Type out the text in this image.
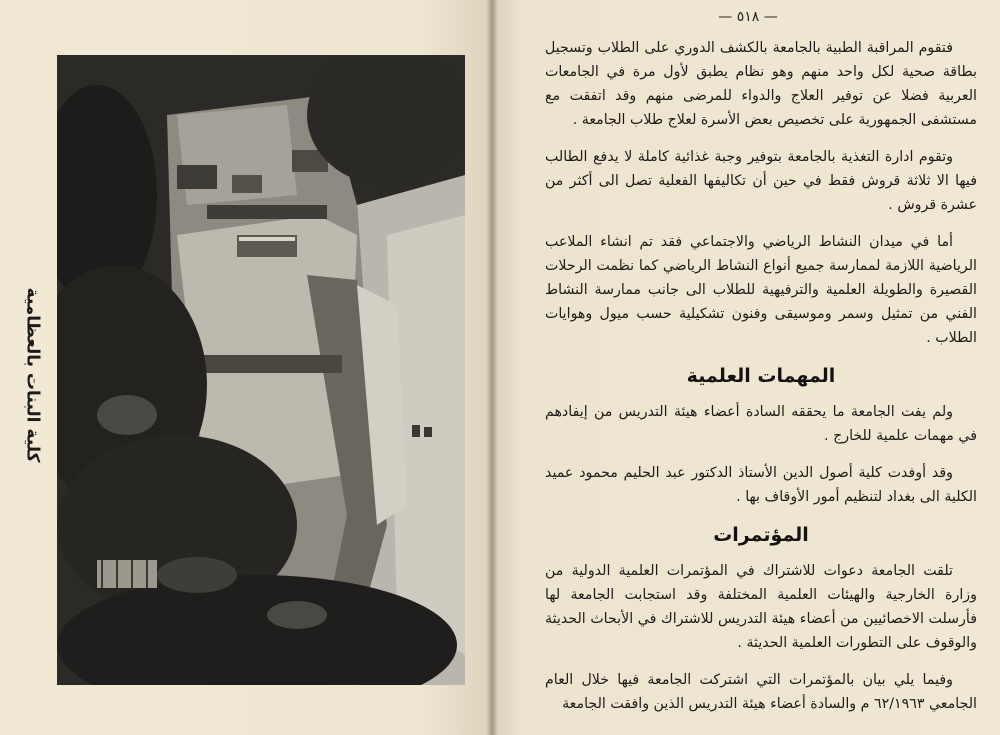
كلية البنات بالعظامية
— ٥١٨ —

فتقوم المراقبة الطبية بالجامعة بالكشف الدوري على الطلاب وتسجيل بطاقة صحية لكل واحد منهم وهو نظام يطبق لأول مرة في الجامعات العربية فضلا عن توفير العلاج والدواء للمرضى منهم وقد اتفقت مع مستشفى الجمهورية على تخصيص بعض الأسرة لعلاج طلاب الجامعة .

وتقوم ادارة التغذية بالجامعة بتوفير وجبة غذائية كاملة لا يدفع الطالب فيها الا ثلاثة قروش فقط في حين أن تكاليفها الفعلية تصل الى أكثر من عشرة قروش .

أما في ميدان النشاط الرياضي والاجتماعي فقد تم انشاء الملاعب الرياضية اللازمة لممارسة جميع أنواع النشاط الرياضي كما نظمت الرحلات القصيرة والطويلة العلمية والترفيهية للطلاب الى جانب ممارسة النشاط الفني من تمثيل وسمر وموسيقى وفنون تشكيلية حسب ميول وهوايات الطلاب .

المهمات العلمية

ولم يفت الجامعة ما يحققه السادة أعضاء هيئة التدريس من إيفادهم في مهمات علمية للخارج .

وقد أوفدت كلية أصول الدين الأستاذ الدكتور عبد الحليم محمود عميد الكلية الى بغداد لتنظيم أمور الأوقاف بها .

المؤتمرات

تلقت الجامعة دعوات للاشتراك في المؤتمرات العلمية الدولية من وزارة الخارجية والهيئات العلمية المختلفة وقد استجابت الجامعة لها فأرسلت الاخصائيين من أعضاء هيئة التدريس للاشتراك في الأبحاث الحديثة والوقوف على التطورات العلمية الحديثة .

وفيما يلي بيان بالمؤتمرات التي اشتركت الجامعة فيها خلال العام الجامعي ٦٢/١٩٦٣ م والسادة أعضاء هيئة التدريس الذين وافقت الجامعة
